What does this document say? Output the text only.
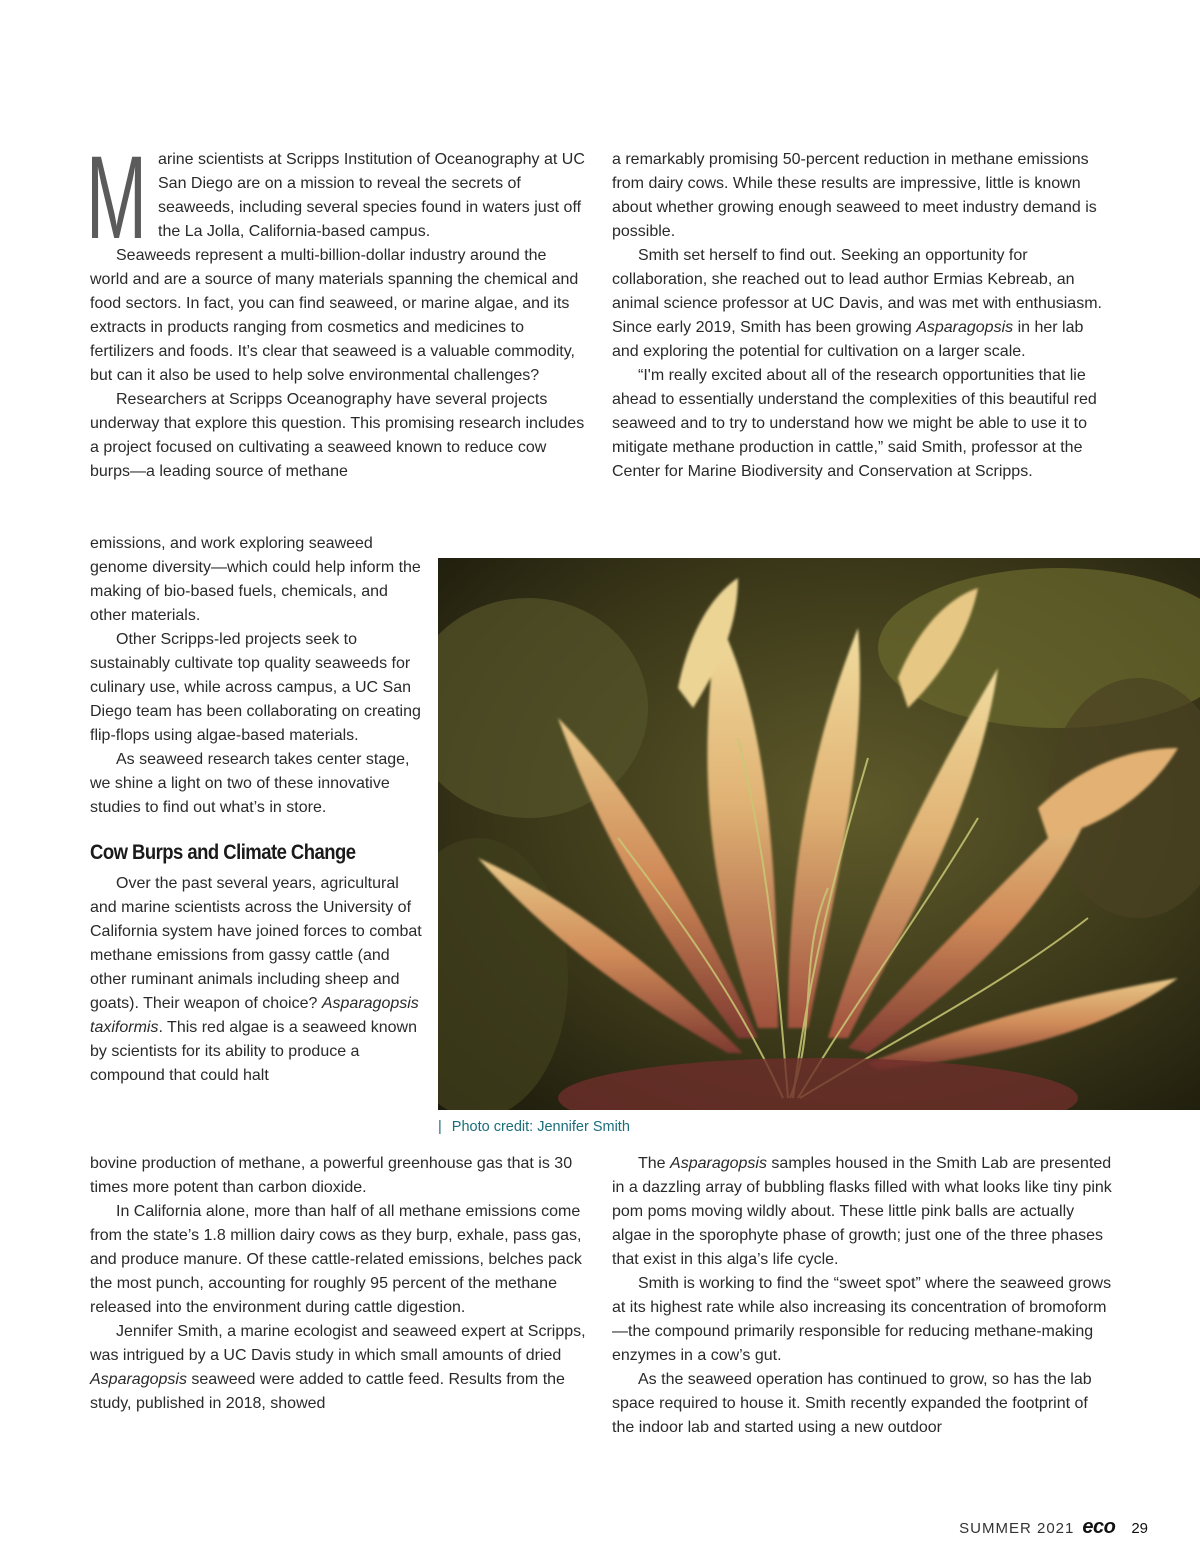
Marine scientists at Scripps Institution of Oceanography at UC San Diego are on a mission to reveal the secrets of seaweeds, including several species found in waters just off the La Jolla, California-based campus.

Seaweeds represent a multi-billion-dollar industry around the world and are a source of many materials spanning the chemical and food sectors. In fact, you can find seaweed, or marine algae, and its extracts in products ranging from cosmetics and medicines to fertilizers and foods. It’s clear that seaweed is a valuable commodity, but can it also be used to help solve environmental challenges?

Researchers at Scripps Oceanography have several projects underway that explore this question. This promising research includes a project focused on cultivating a seaweed known to reduce cow burps—a leading source of methane

emissions, and work exploring seaweed genome diversity—which could help inform the making of bio-based fuels, chemicals, and other materials.

Other Scripps-led projects seek to sustainably cultivate top quality seaweeds for culinary use, while across campus, a UC San Diego team has been collaborating on creating flip-flops using algae-based materials.

As seaweed research takes center stage, we shine a light on two of these innovative studies to find out what’s in store.

Cow Burps and Climate Change

Over the past several years, agricultural and marine scientists across the University of California system have joined forces to combat methane emissions from gassy cattle (and other ruminant animals including sheep and goats). Their weapon of choice? Asparagopsis taxiformis. This red algae is a seaweed known by scientists for its ability to produce a compound that could halt

bovine production of methane, a powerful greenhouse gas that is 30 times more potent than carbon dioxide.

In California alone, more than half of all methane emissions come from the state’s 1.8 million dairy cows as they burp, exhale, pass gas, and produce manure. Of these cattle-related emissions, belches pack the most punch, accounting for roughly 95 percent of the methane released into the environment during cattle digestion.

Jennifer Smith, a marine ecologist and seaweed expert at Scripps, was intrigued by a UC Davis study in which small amounts of dried Asparagopsis seaweed were added to cattle feed. Results from the study, published in 2018, showed

a remarkably promising 50-percent reduction in methane emissions from dairy cows. While these results are impressive, little is known about whether growing enough seaweed to meet industry demand is possible.

Smith set herself to find out. Seeking an opportunity for collaboration, she reached out to lead author Ermias Kebreab, an animal science professor at UC Davis, and was met with enthusiasm. Since early 2019, Smith has been growing Asparagopsis in her lab and exploring the potential for cultivation on a larger scale.

“I'm really excited about all of the research opportunities that lie ahead to essentially understand the complexities of this beautiful red seaweed and to try to understand how we might be able to use it to mitigate methane production in cattle,” said Smith, professor at the Center for Marine Biodiversity and Conservation at Scripps.

| Photo credit: Jennifer Smith

The Asparagopsis samples housed in the Smith Lab are presented in a dazzling array of bubbling flasks filled with what looks like tiny pink pom poms moving wildly about. These little pink balls are actually algae in the sporophyte phase of growth; just one of the three phases that exist in this alga’s life cycle.

Smith is working to find the “sweet spot” where the seaweed grows at its highest rate while also increasing its concentration of bromoform—the compound primarily responsible for reducing methane-making enzymes in a cow’s gut.

As the seaweed operation has continued to grow, so has the lab space required to house it. Smith recently expanded the footprint of the indoor lab and started using a new outdoor

SUMMER 2021 eco 29
